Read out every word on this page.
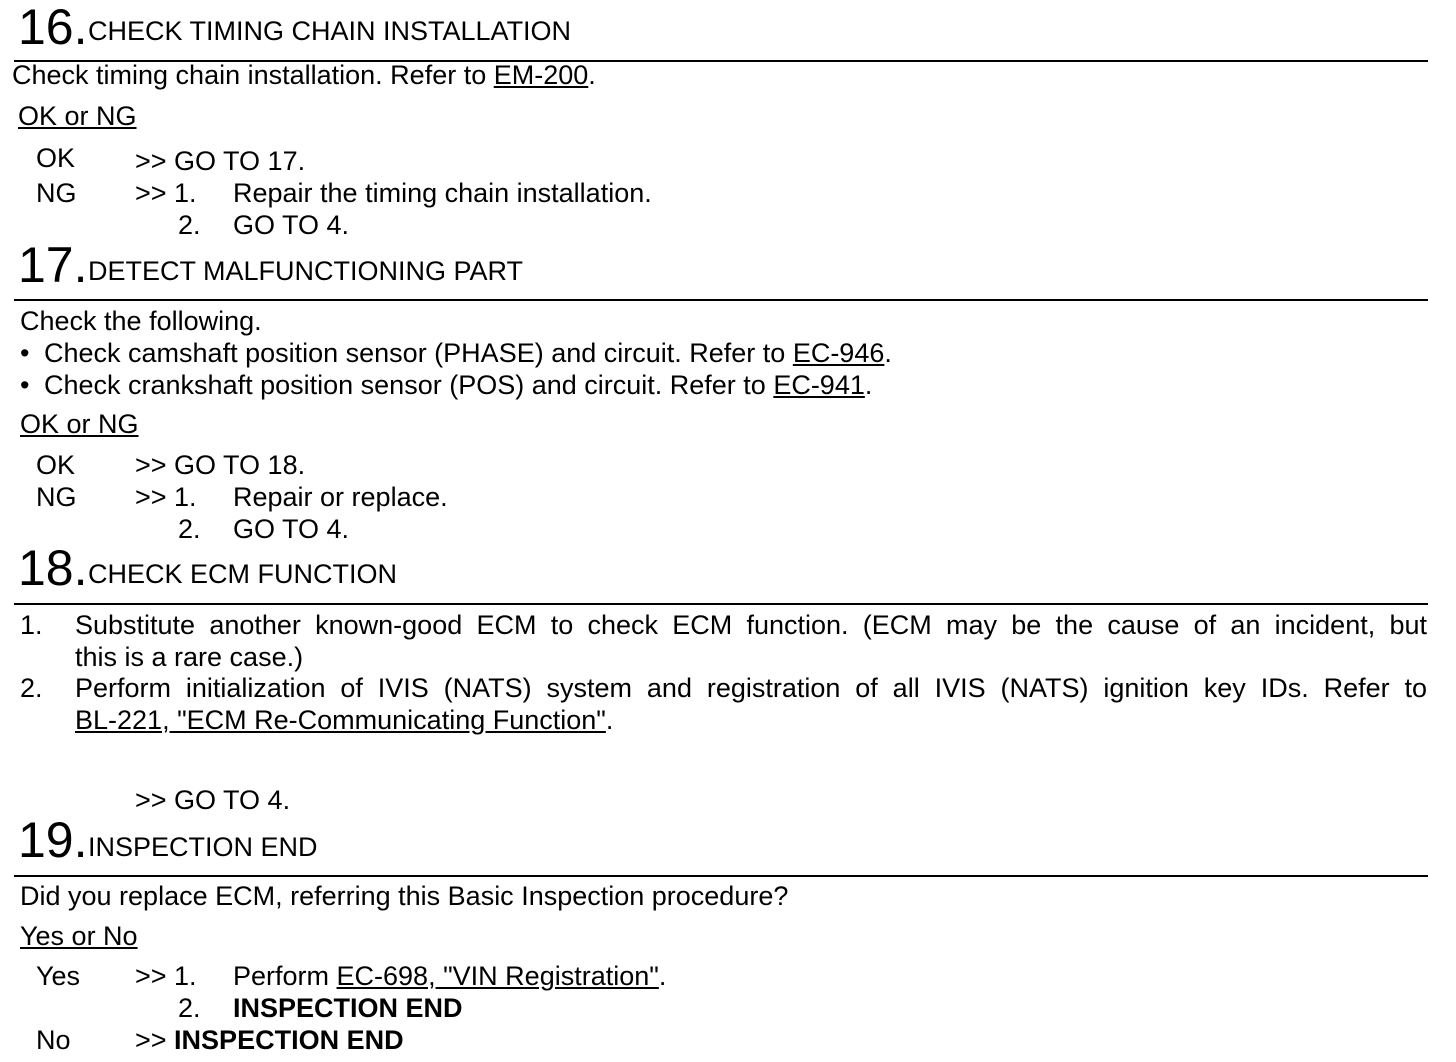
16. CHECK TIMING CHAIN INSTALLATION
Check timing chain installation. Refer to EM-200.
OK or NG
OK >> GO TO 17.
NG >> 1. Repair the timing chain installation.
2. GO TO 4.
17. DETECT MALFUNCTIONING PART
Check the following.
• Check camshaft position sensor (PHASE) and circuit. Refer to EC-946.
• Check crankshaft position sensor (POS) and circuit. Refer to EC-941.
OK or NG
OK >> GO TO 18.
NG >> 1. Repair or replace.
2. GO TO 4.
18. CHECK ECM FUNCTION
1. Substitute another known-good ECM to check ECM function. (ECM may be the cause of an incident, but
this is a rare case.)
2. Perform initialization of IVIS (NATS) system and registration of all IVIS (NATS) ignition key IDs. Refer to
BL-221, "ECM Re-Communicating Function".
>> GO TO 4.
19. INSPECTION END
Did you replace ECM, referring this Basic Inspection procedure?
Yes or No
Yes >> 1. Perform EC-698, "VIN Registration".
2. INSPECTION END
No >> INSPECTION END
